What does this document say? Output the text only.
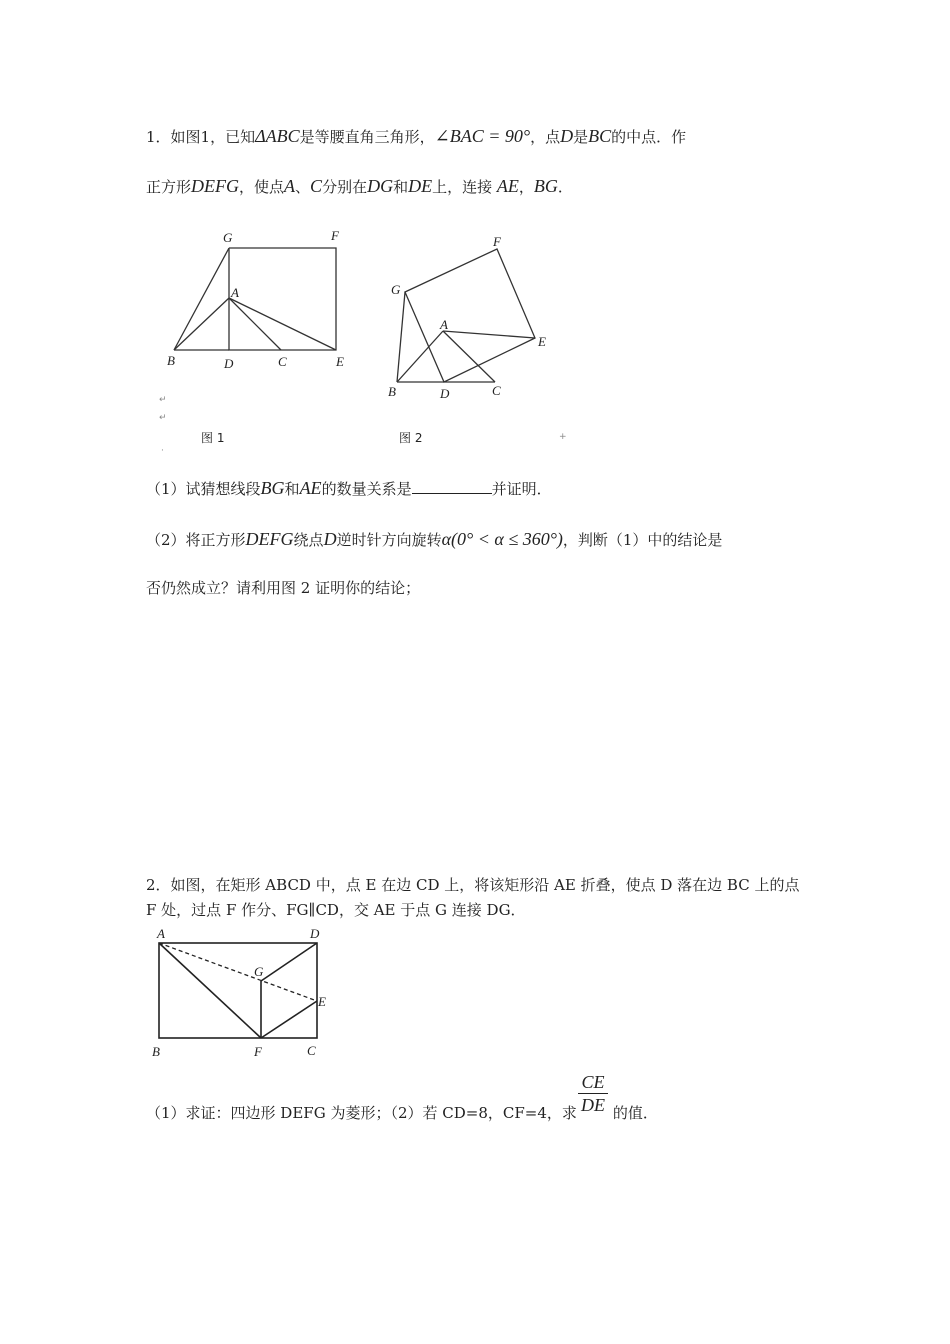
1．如图1，已知ΔABC是等腰直角三角形，∠BAC = 90°，点D是BC的中点．作
正方形DEFG，使点A、C分别在DG和DE上，连接 AE，BG．
G	F
A
B	D	C	E
G
F
A
E
B	D	C
↵
↵
+
·
图 1	图 2
（1）试猜想线段BG和AE的数量关系是	并证明．
（2）将正方形DEFG绕点D逆时针方向旋转α(0° < α ≤ 360°)，判断（1）中的结论是
否仍然成立？请利用图 2 证明你的结论；
2．如图，在矩形 ABCD 中，点 E 在边 CD 上，将该矩形沿 AE 折叠，使点 D 落在边 BC 上的点
F 处，过点 F 作分、FG∥CD，交 AE 于点 G 连接 DG．
A	D
G
E
B	F	C
（1）求证：四边形 DEFG 为菱形；（2）若 CD=8，CF=4，求 的值．
CE
DE
